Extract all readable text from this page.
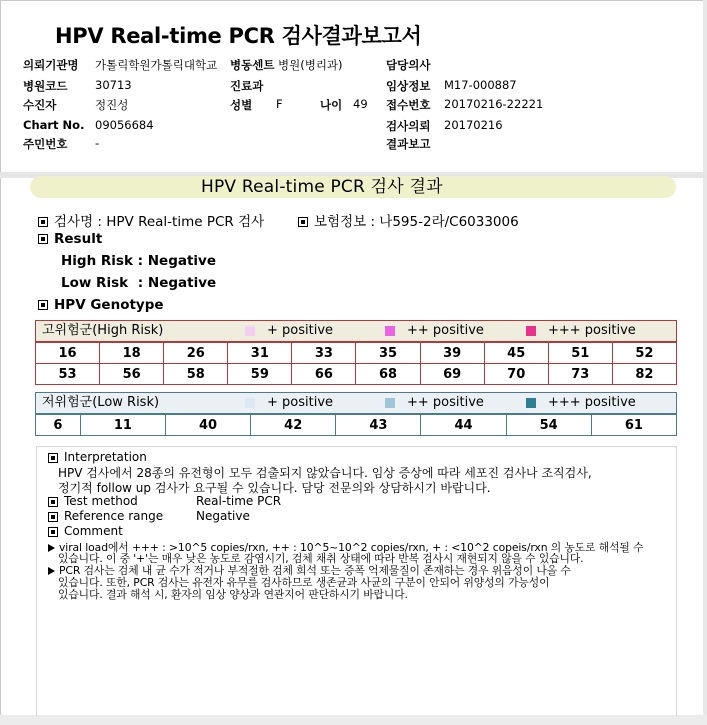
HPV Real-time PCR 검사결과보고서
의뢰기관명 가톨릭학원가톨릭대학교 병동센트 병원(병리과)	담당의사
병원코드 30713	진료과	임상정보 M17-000887
수진자	정진성	성별 F	나이 49 접수번호 20170216-22221
Chart No. 09056684	검사의뢰 20170216
주민번호 -	결과보고
HPV Real-time PCR 검사 결과
검사명 : HPV Real-time PCR 검사	보험정보 : 나595-2라/C6033006
Result
High Risk : Negative
Low Risk : Negative
HPV Genotype
고위험군(High Risk)	+ positive	++ positive	+++ positive
16	18	26	31	33	35	39	45	51	52
53	56	58	59	66	68	69	70	73	82
저위험군(Low Risk)	+ positive	++ positive	+++ positive
6	11	40	42	43	44	54	61
Interpretation
HPV 검사에서 28종의 유전형이 모두 검출되지 않았습니다. 임상 증상에 따라 세포진 검사나 조직검사,
정기적 follow up 검사가 요구될 수 있습니다. 담당 전문의와 상담하시기 바랍니다.
Test method	Real-time PCR
Reference range	Negative
Comment
viral load에서 +++ : >10^5 copies/rxn, ++ : 10^5~10^2 copies/rxn, + : <10^2 copeis/rxn 의 농도로 해석될 수
있습니다. 이 중 '+'는 매우 낮은 농도로 감염시기, 검체 채취 상태에 따라 반복 검사시 재현되지 않을 수 있습니다.
PCR 검사는 검체 내 균 수가 적거나 부적절한 검체 희석 또는 증폭 억제물질이 존재하는 경우 위음성이 나올 수
있습니다. 또한, PCR 검사는 유전자 유무를 검사하므로 생존균과 사균의 구분이 안되어 위양성의 가능성이
있습니다. 결과 해석 시, 환자의 임상 양상과 연관지어 판단하시기 바랍니다.
